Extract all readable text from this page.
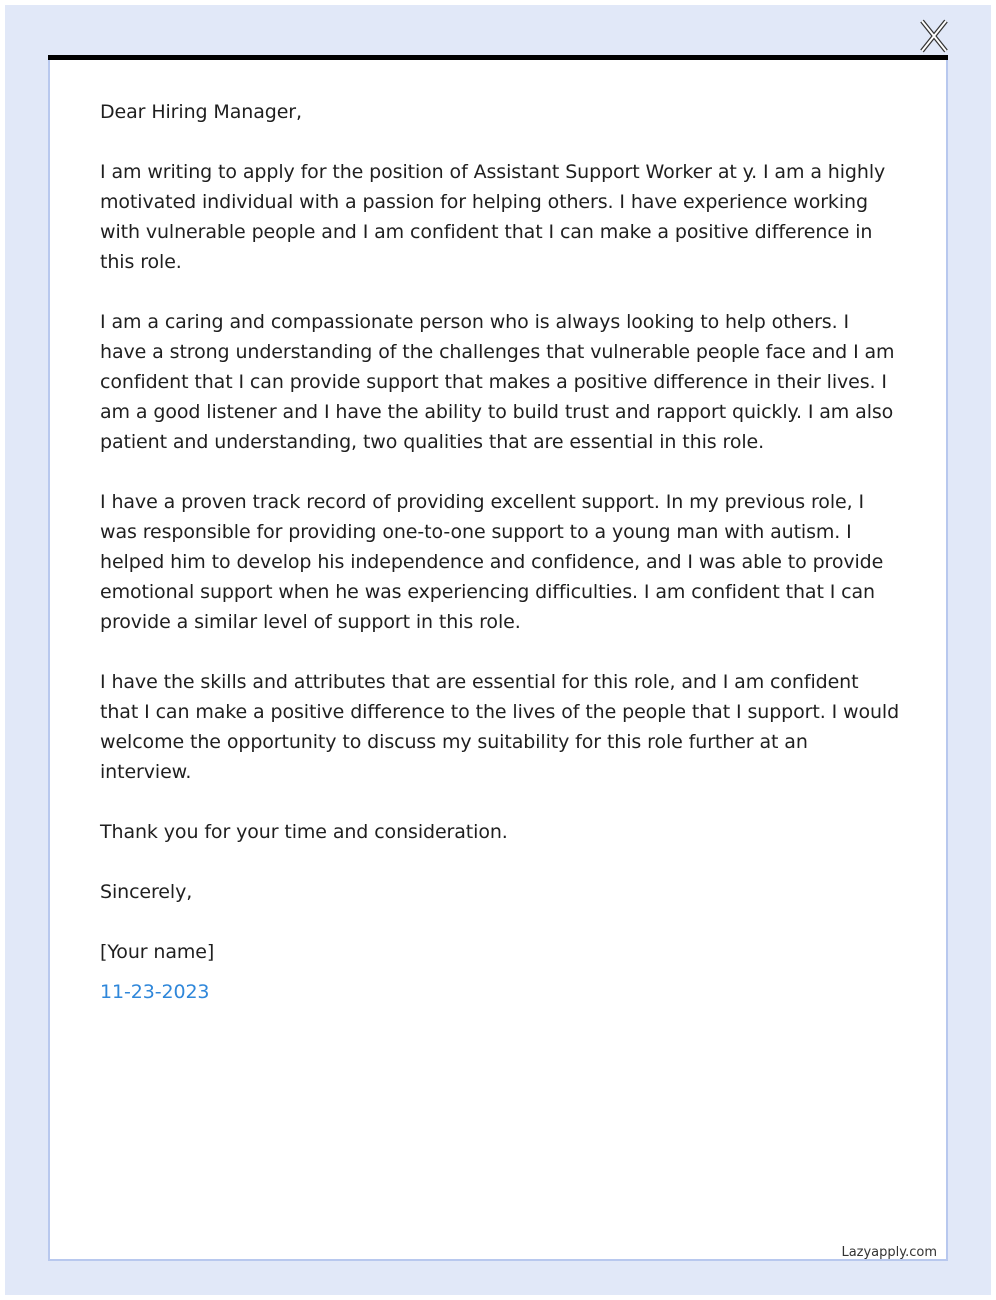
Dear Hiring Manager,

I am writing to apply for the position of Assistant Support Worker at y. I am a highly motivated individual with a passion for helping others. I have experience working with vulnerable people and I am confident that I can make a positive difference in this role.

I am a caring and compassionate person who is always looking to help others. I have a strong understanding of the challenges that vulnerable people face and I am confident that I can provide support that makes a positive difference in their lives. I am a good listener and I have the ability to build trust and rapport quickly. I am also patient and understanding, two qualities that are essential in this role.

I have a proven track record of providing excellent support. In my previous role, I was responsible for providing one-to-one support to a young man with autism. I helped him to develop his independence and confidence, and I was able to provide emotional support when he was experiencing difficulties. I am confident that I can provide a similar level of support in this role.

I have the skills and attributes that are essential for this role, and I am confident that I can make a positive difference to the lives of the people that I support. I would welcome the opportunity to discuss my suitability for this role further at an interview.

Thank you for your time and consideration.

Sincerely,

[Your name]

11-23-2023

Lazyapply.com
